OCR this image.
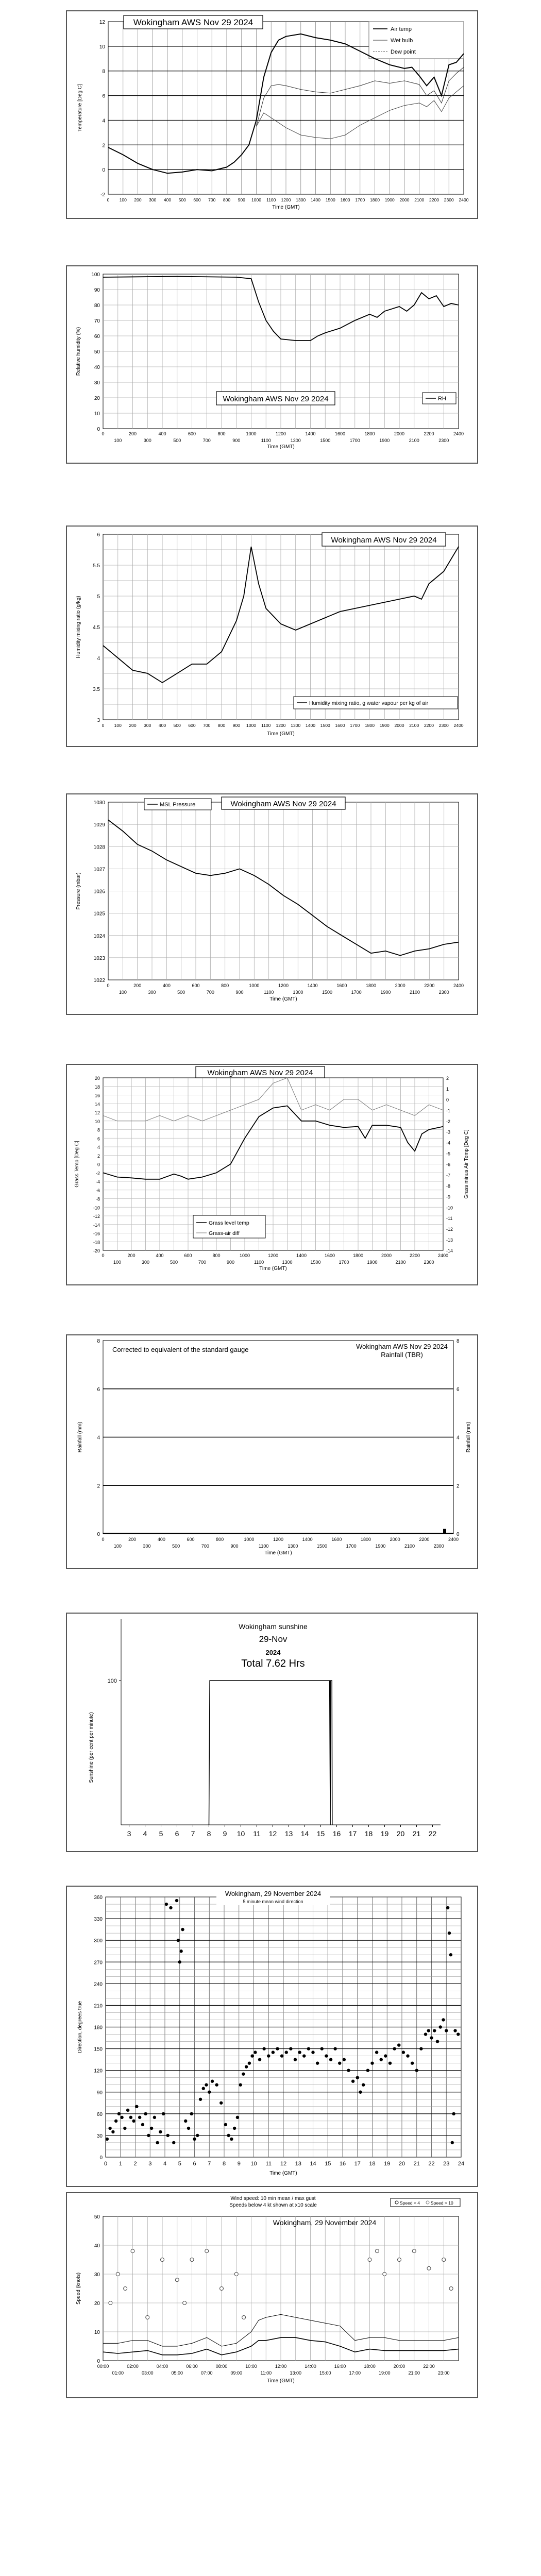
-2
0
2
4
6
8
10
12
0 100 200 300 400 500 600 700 800 900 1000 1100 1200 1300 1400 1500 1600 1700 1800 1900 2000 2100 2200 2300 2400
Temperature [Deg C]
Time (GMT)
Wokingham AWS Nov 29 2024
Air temp
Wet bulb
Dew point
0
10
20
30
40
50
60
70
80
90
100
0	200	400	600	800	1000	1200	1400	1600	1800	2000	2200	2400
100	300	500	700	900	1100	1300	1500	1700	1900	2100	2300
Relative humidity (%)
Time (GMT)
Wokingham AWS Nov 29 2024	RH
3
3.5
4
4.5
5
5.5
6
0 100 200 300 400 500 600 700 800 900 1000 1100 1200 1300 1400 1500 1600 1700 1800 1900 2000 2100 2200 2300 2400
Humidity mixing ratio (g/kg)
Time (GMT)
Wokingham AWS Nov 29 2024
Humidity mixing ratio, g water vapour per kg of air
1022
1023
1024
1025
1026
1027
1028
1029
1030
0	200	400	600	800	1000	1200	1400	1600	1800	2000	2200	2400
100	300	500	700	900	1100	1300	1500	1700	1900	2100	2300
Pressure (mbar)
Time (GMT)
Wokingham AWS Nov 29 2024
MSL Pressure
-20
-18
-16
-14
-12
-10
-8
-6
-4
-2
0
2
4
6
8
10
12
14
16
18
20
-14
-13
-12
-11
-10
-9
-8
-7
-6
-5
-4
-3
-2
-1
0
1
2
0	200	400	600	800	1000	1200	1400	1600	1800	2000	2200	2400
100	300	500	700	900	1100	1300	1500	1700	1900	2100	2300
Grass Temp [Deg C]	Grass minus Air Temp [Deg C]
Time (GMT)
Wokingham AWS Nov 29 2024
Grass level temp
Grass-air diff
0
2
4
6
8
0
2
4
6
8
0	200	400	600	800	1000	1200	1400	1600	1800	2000	2200	2400
100	300	500	700	900	1100	1300	1500	1700	1900	2100	2300
Rainfall (mm)	Rainfall (mm)
Time (GMT)
Corrected to equivalent of the standard gauge	Wokingham AWS Nov 29 2024
Rainfall (TBR)
100
3 4 5 6 7 8 9 10 11 12 13 14 15 16 17 18 19 20 21 22
Sunshine (per cent per minute)
Wokingham sunshine
29-Nov
2024
Total 7.62 Hrs
0
30
60
90
120
150
180
210
240
270
300
330
360
0 1 2 3 4 5 6 7 8 9 10 11 12 13 14 15 16 17 18 19 20 21 22 23 24
Direction, degrees true
Time (GMT)
Wokingham, 29 November 2024
5 minute mean wind direction
0
10
20
30
40
50
00:00	02:00	04:00	06:00	08:00	10:00	12:00	14:00	16:00	18:00	20:00	22:00
01:00	03:00	05:00	07:00	09:00	11:00	13:00	15:00	17:00	19:00	21:00	23:00
Speed (knots)
Time (GMT)
Wind speed: 10 min mean / max gust
Speeds below 4 kt shown at x10 scale
Wokingham, 29 November 2024
Speed < 4 Speed > 10
